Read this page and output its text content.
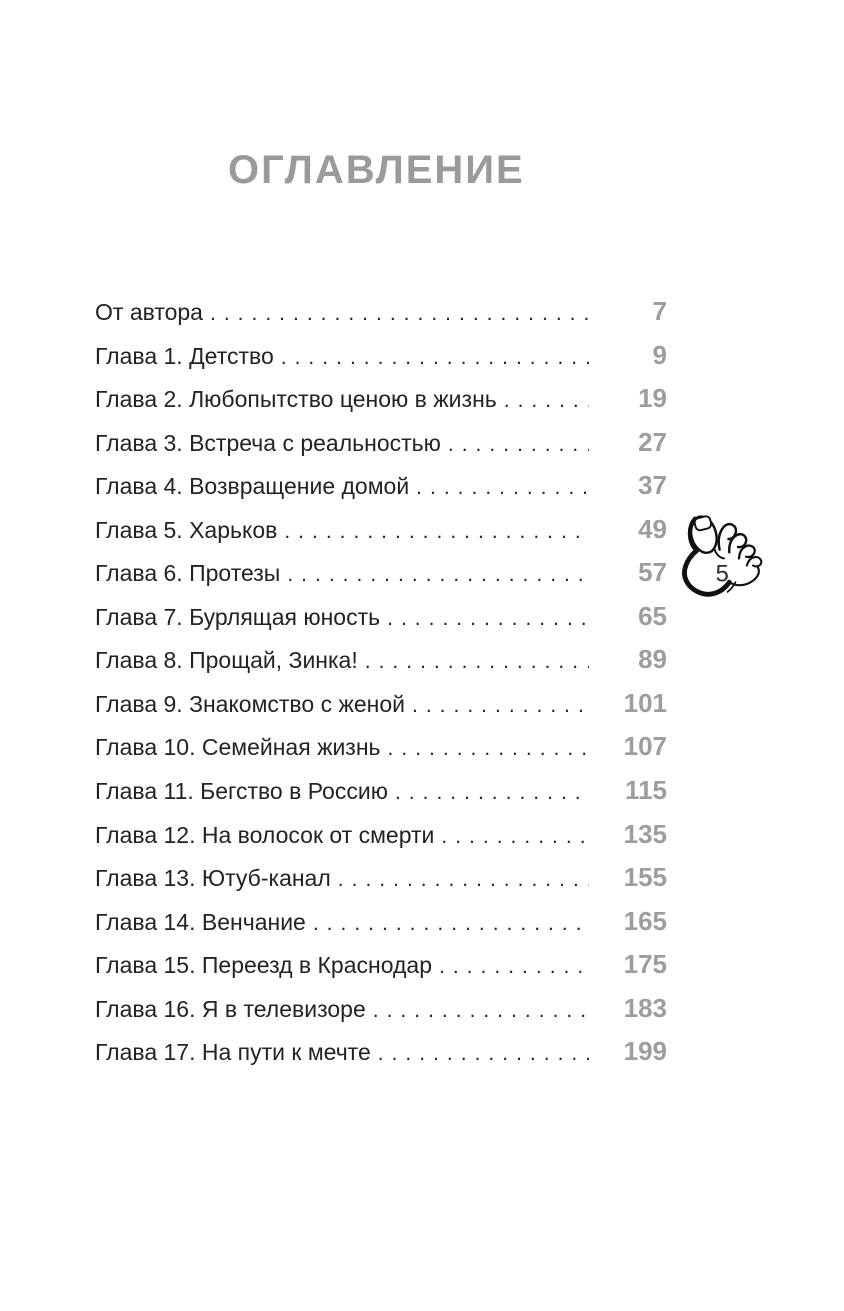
ОГЛАВЛЕНИЕ
От автора .....	7
Глава 1. Детство .....	9
Глава 2. Любопытство ценою в жизнь .....	19
Глава 3. Встреча с реальностью .....	27
Глава 4. Возвращение домой .....	37
Глава 5. Харьков .....	49
Глава 6. Протезы .....	57
Глава 7. Бурлящая юность .....	65
Глава 8. Прощай, Зинка! .....	89
Глава 9. Знакомство с женой .....	101
Глава 10. Семейная жизнь .....	107
Глава 11. Бегство в Россию .....	115
Глава 12. На волосок от смерти .....	135
Глава 13. Ютуб-канал .....	155
Глава 14. Венчание .....	165
Глава 15. Переезд в Краснодар .....	175
Глава 16. Я в телевизоре .....	183
Глава 17. На пути к мечте .....	199
5
